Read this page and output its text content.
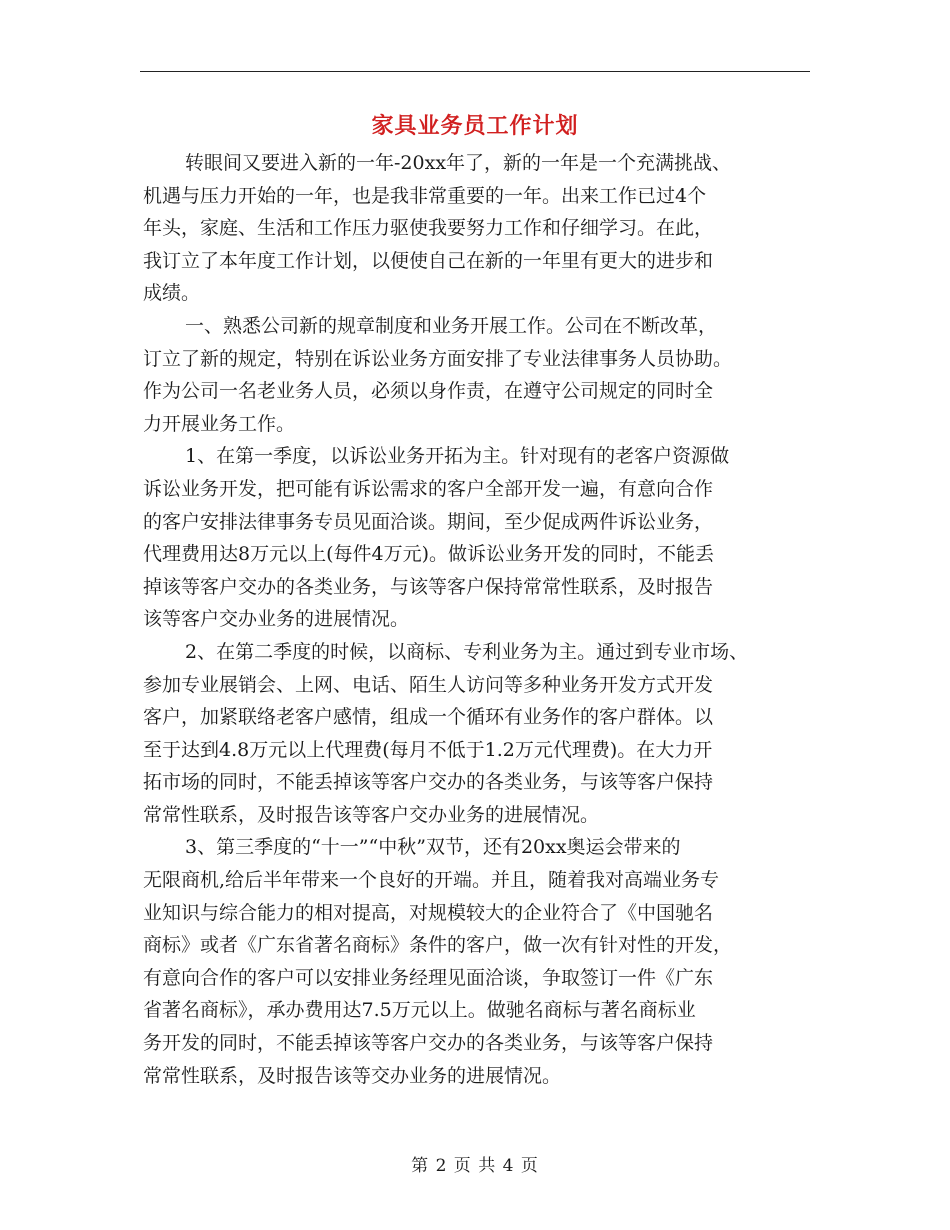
家具业务员工作计划
转眼间又要进入新的一年-20xx年了，新的一年是一个充满挑战、
机遇与压力开始的一年，也是我非常重要的一年。出来工作已过4个
年头，家庭、生活和工作压力驱使我要努力工作和仔细学习。在此，
我订立了本年度工作计划，以便使自己在新的一年里有更大的进步和
成绩。
一、熟悉公司新的规章制度和业务开展工作。公司在不断改革，
订立了新的规定，特别在诉讼业务方面安排了专业法律事务人员协助。
作为公司一名老业务人员，必须以身作责，在遵守公司规定的同时全
力开展业务工作。
1、在第一季度，以诉讼业务开拓为主。针对现有的老客户资源做
诉讼业务开发，把可能有诉讼需求的客户全部开发一遍，有意向合作
的客户安排法律事务专员见面洽谈。期间，至少促成两件诉讼业务，
代理费用达8万元以上(每件4万元)。做诉讼业务开发的同时，不能丢
掉该等客户交办的各类业务，与该等客户保持常常性联系，及时报告
该等客户交办业务的进展情况。
2、在第二季度的时候，以商标、专利业务为主。通过到专业市场、
参加专业展销会、上网、电话、陌生人访问等多种业务开发方式开发
客户，加紧联络老客户感情，组成一个循环有业务作的客户群体。以
至于达到4.8万元以上代理费(每月不低于1.2万元代理费)。在大力开
拓市场的同时，不能丢掉该等客户交办的各类业务，与该等客户保持
常常性联系，及时报告该等客户交办业务的进展情况。
3、第三季度的“十一”“中秋”双节，还有20xx奥运会带来的
无限商机,给后半年带来一个良好的开端。并且，随着我对高端业务专
业知识与综合能力的相对提高，对规模较大的企业符合了《中国驰名
商标》或者《广东省著名商标》条件的客户，做一次有针对性的开发，
有意向合作的客户可以安排业务经理见面洽谈，争取签订一件《广东
省著名商标》，承办费用达7.5万元以上。做驰名商标与著名商标业
务开发的同时，不能丢掉该等客户交办的各类业务，与该等客户保持
常常性联系，及时报告该等交办业务的进展情况。
第 2 页 共 4 页
